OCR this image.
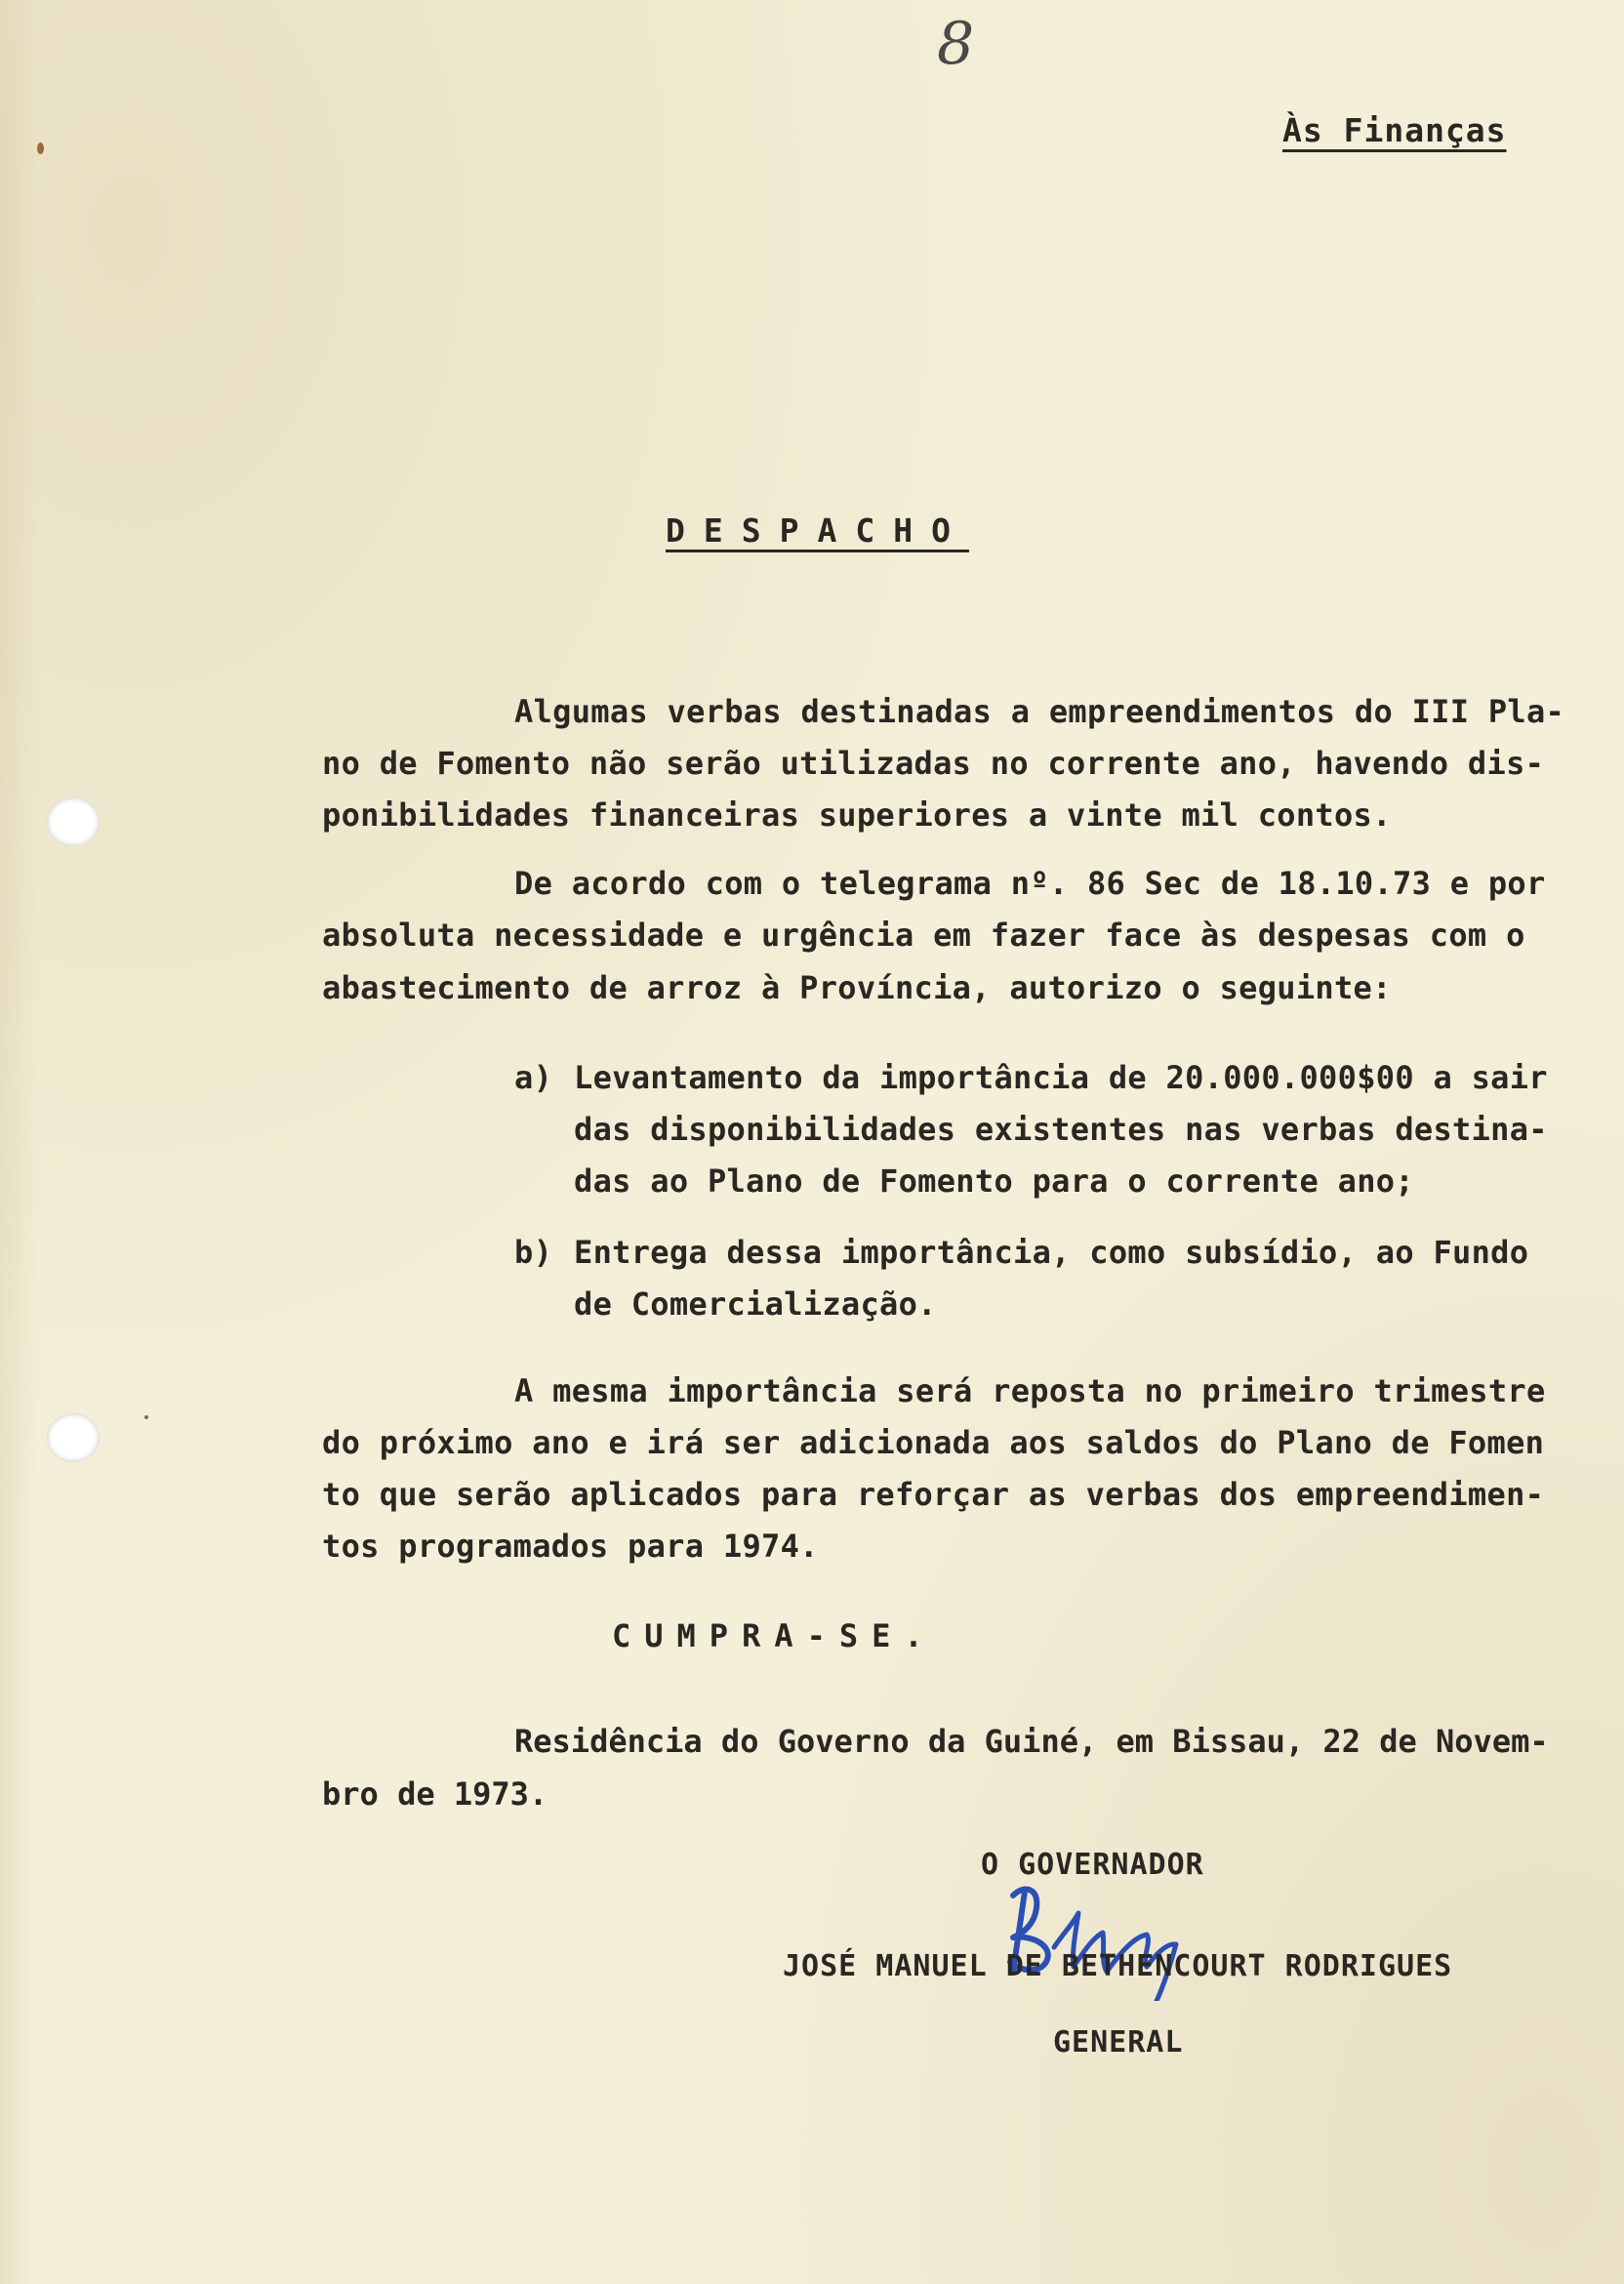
8
Às Finanças
DESPACHO
Algumas verbas destinadas a empreendimentos do III Pla-
no de Fomento não serão utilizadas no corrente ano, havendo dis-
ponibilidades financeiras superiores a vinte mil contos.
De acordo com o telegrama nº. 86 Sec de 18.10.73 e por
absoluta necessidade e urgência em fazer face às despesas com o
abastecimento de arroz à Província, autorizo o seguinte:
a) Levantamento da importância de 20.000.000$00 a sair
das disponibilidades existentes nas verbas destina-
das ao Plano de Fomento para o corrente ano;
b) Entrega dessa importância, como subsídio, ao Fundo
de Comercialização.
A mesma importância será reposta no primeiro trimestre
do próximo ano e irá ser adicionada aos saldos do Plano de Fomen
to que serão aplicados para reforçar as verbas dos empreendimen-
tos programados para 1974.
CUMPRA-SE.
Residência do Governo da Guiné, em Bissau, 22 de Novem-
bro de 1973.
O GOVERNADOR
JOSÉ MANUEL DE BETHENCOURT RODRIGUES
GENERAL
